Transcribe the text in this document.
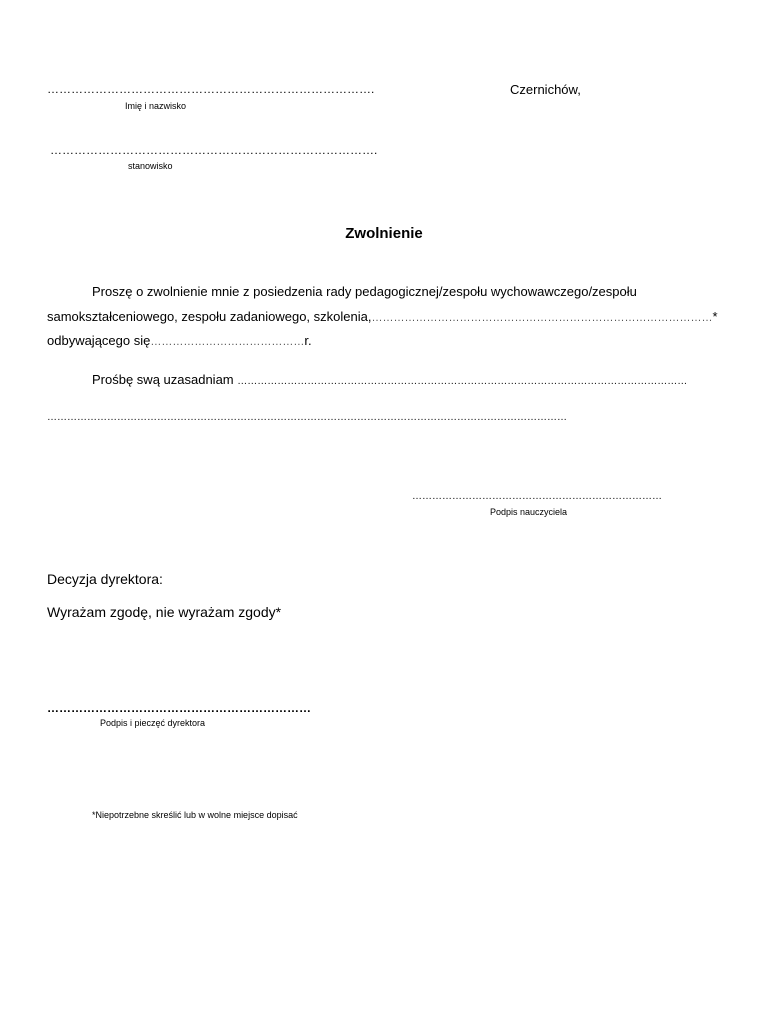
……………………………………………………………………….
Imię i nazwisko
Czernichów,
……………………………………………………………………….
stanowisko
Zwolnienie
Proszę o zwolnienie mnie z posiedzenia rady pedagogicznej/zespołu wychowawczego/zespołu
samokształceniowego, zespołu zadaniowego, szkolenia,…………………………………………………………………………………*
odbywającego się……………………………………r.
Prośbę swą uzasadniam ………………………………………………………………………………………………………………………
…………………………………………………………………………………………………………………………………………
…………………………………………………………………
Podpis nauczyciela
Decyzja dyrektora:
Wyrażam zgodę, nie wyrażam zgody*
…………………………………………………………
Podpis i pieczęć dyrektora
*Niepotrzebne skreślić lub w wolne miejsce dopisać
